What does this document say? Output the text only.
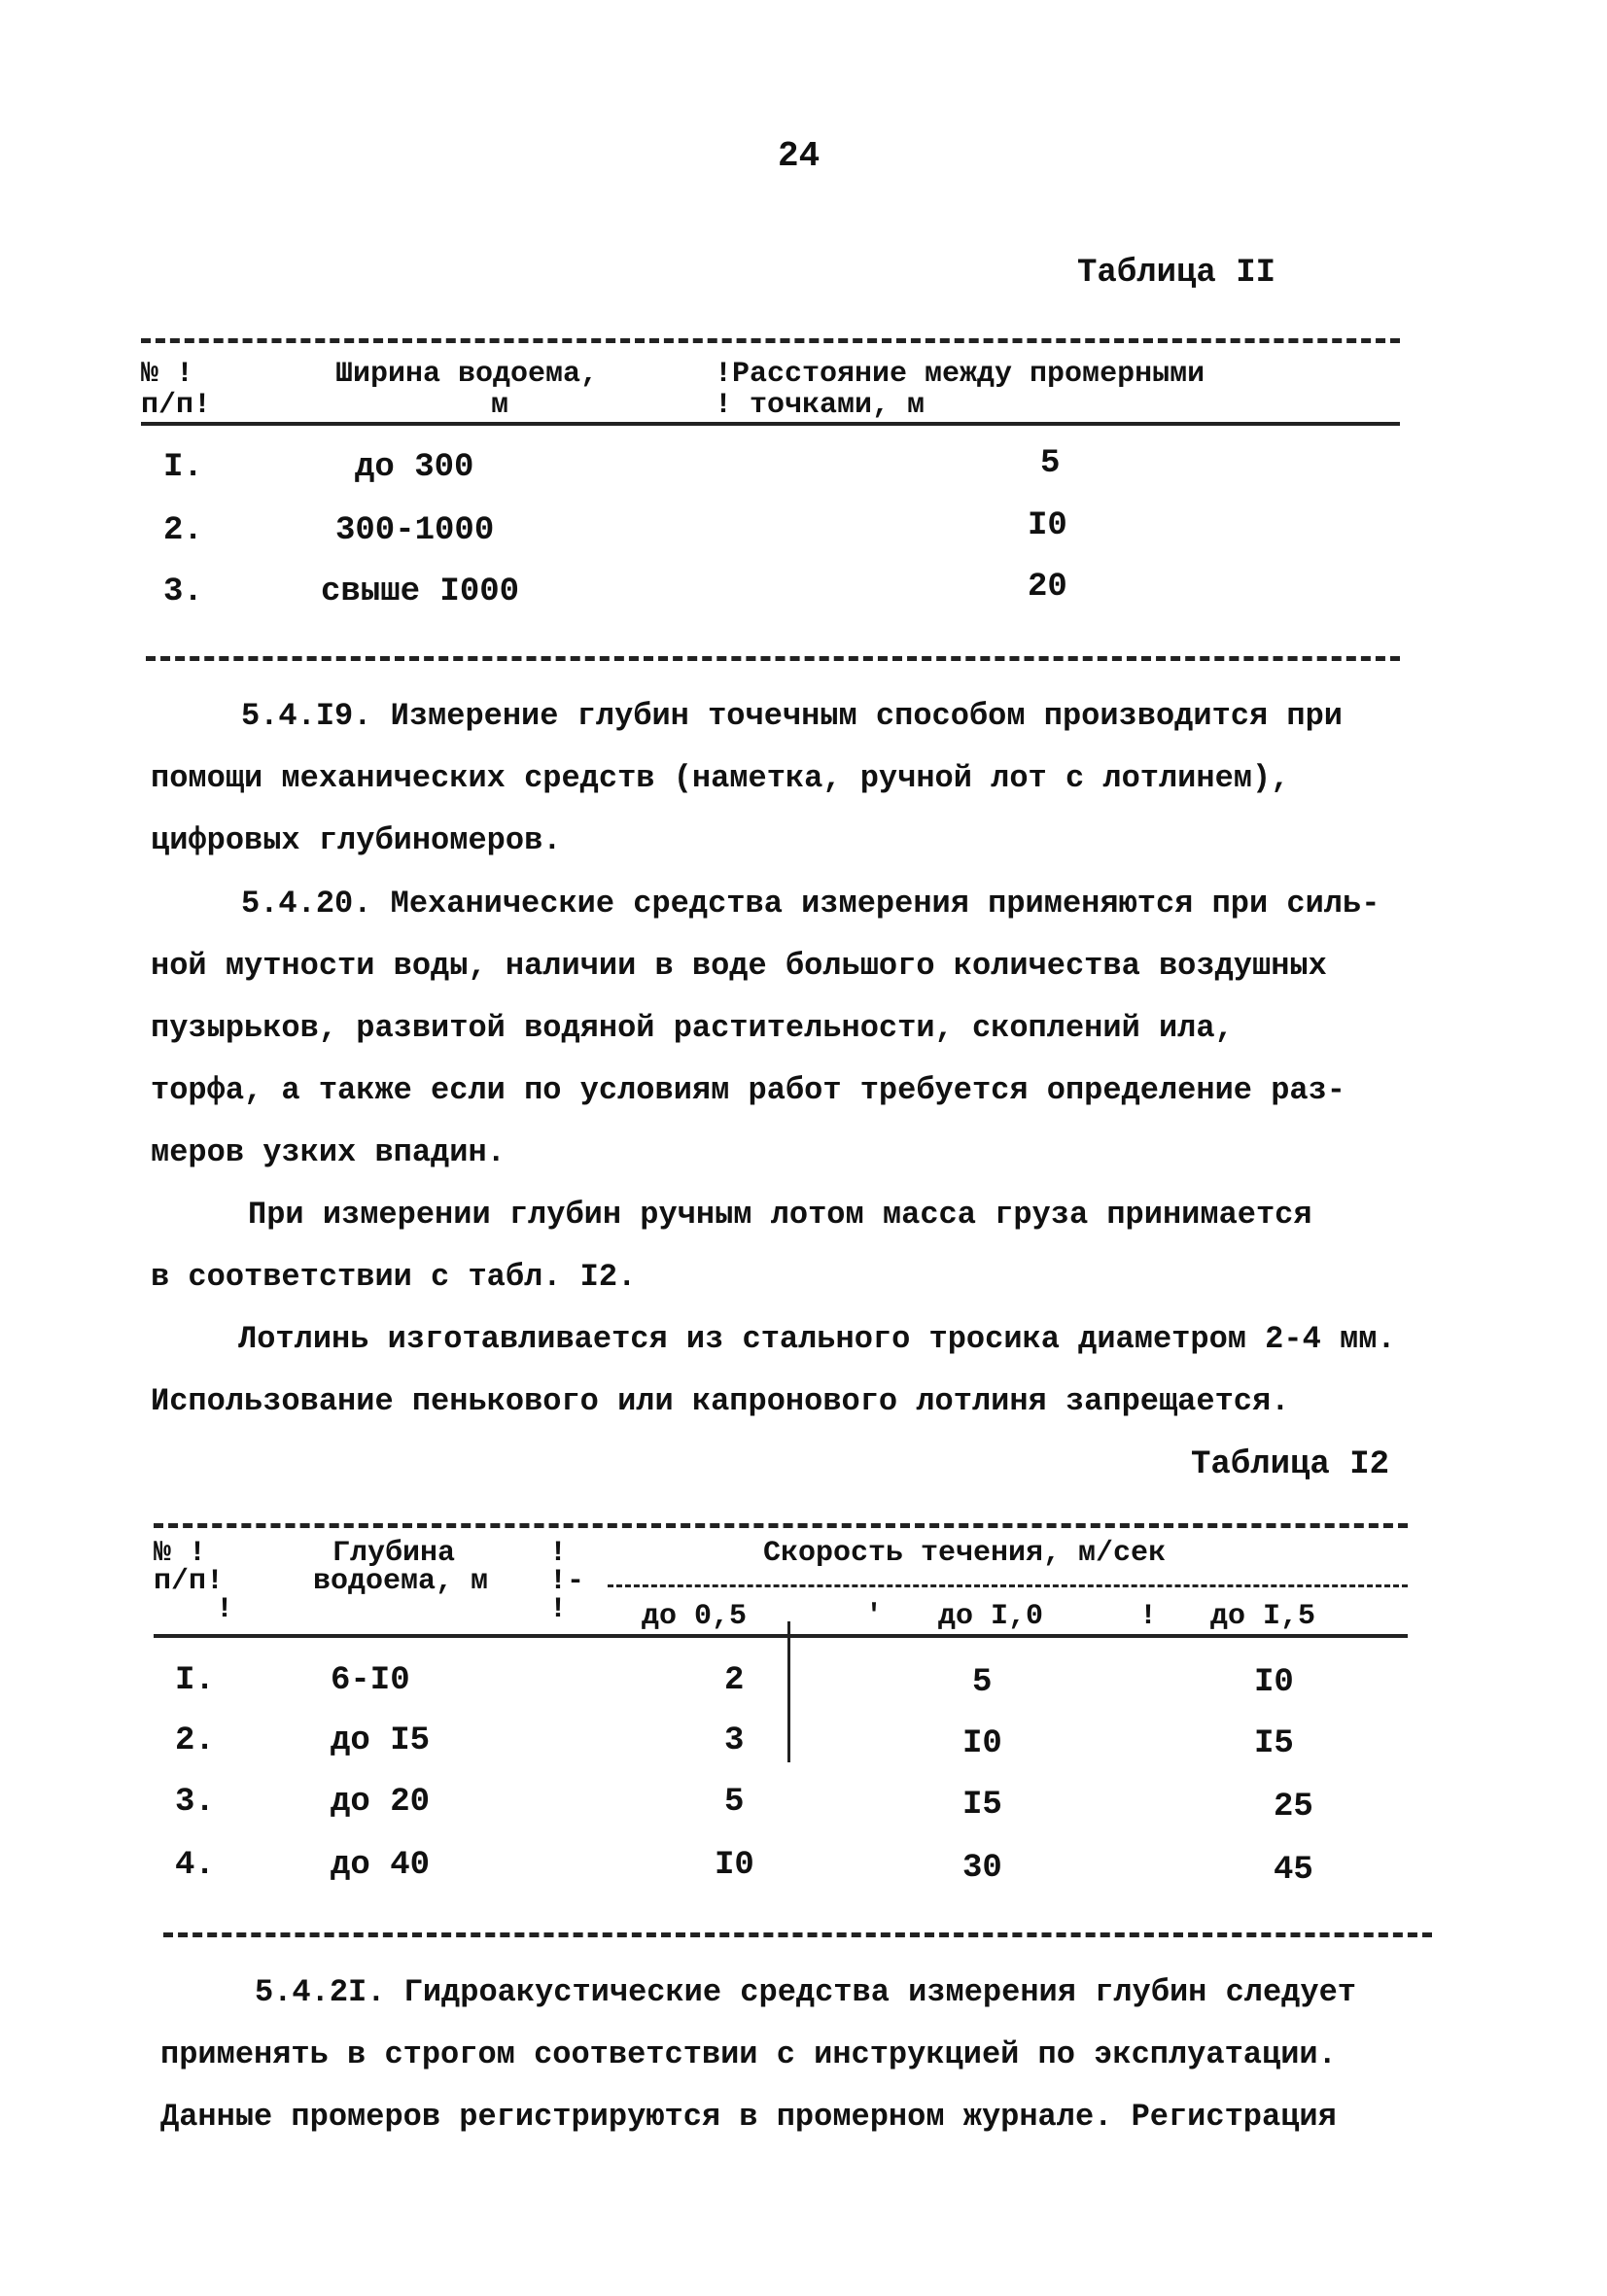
24
Таблица II
№ !
п/п!
Ширина водоема,
м
!Расстояние между промерными
! точками, м
I.	до 300	5
2.	300-1000	I0
3.	свыше I000	20
5.4.I9. Измерение глубин точечным способом производится при
помощи механических средств (наметка, ручной лот с лотлинем),
цифровых глубиномеров.
5.4.20. Механические средства измерения применяются при силь-
ной мутности воды, наличии в воде большого количества воздушных
пузырьков, развитой водяной растительности, скоплений ила,
торфа, а также если по условиям работ требуется определение раз-
меров узких впадин.
При измерении глубин ручным лотом масса груза принимается
в соответствии с табл. I2.
Лотлинь изготавливается из стального тросика диаметром 2-4 мм.
Использование пенькового или капронового лотлиня запрещается.
Таблица I2
№ !
п/п!
!
Глубина
водоема, м
!
!-
!
Скорость течения, м/сек
до 0,5	' до I,0	! до I,5
I.	6-I0	2	5	I0
2.	до I5	3	I0	I5
3.	до 20	5	I5	25
4.	до 40	I0	30	45
5.4.2I. Гидроакустические средства измерения глубин следует
применять в строгом соответствии с инструкцией по эксплуатации.
Данные промеров регистрируются в промерном журнале. Регистрация
